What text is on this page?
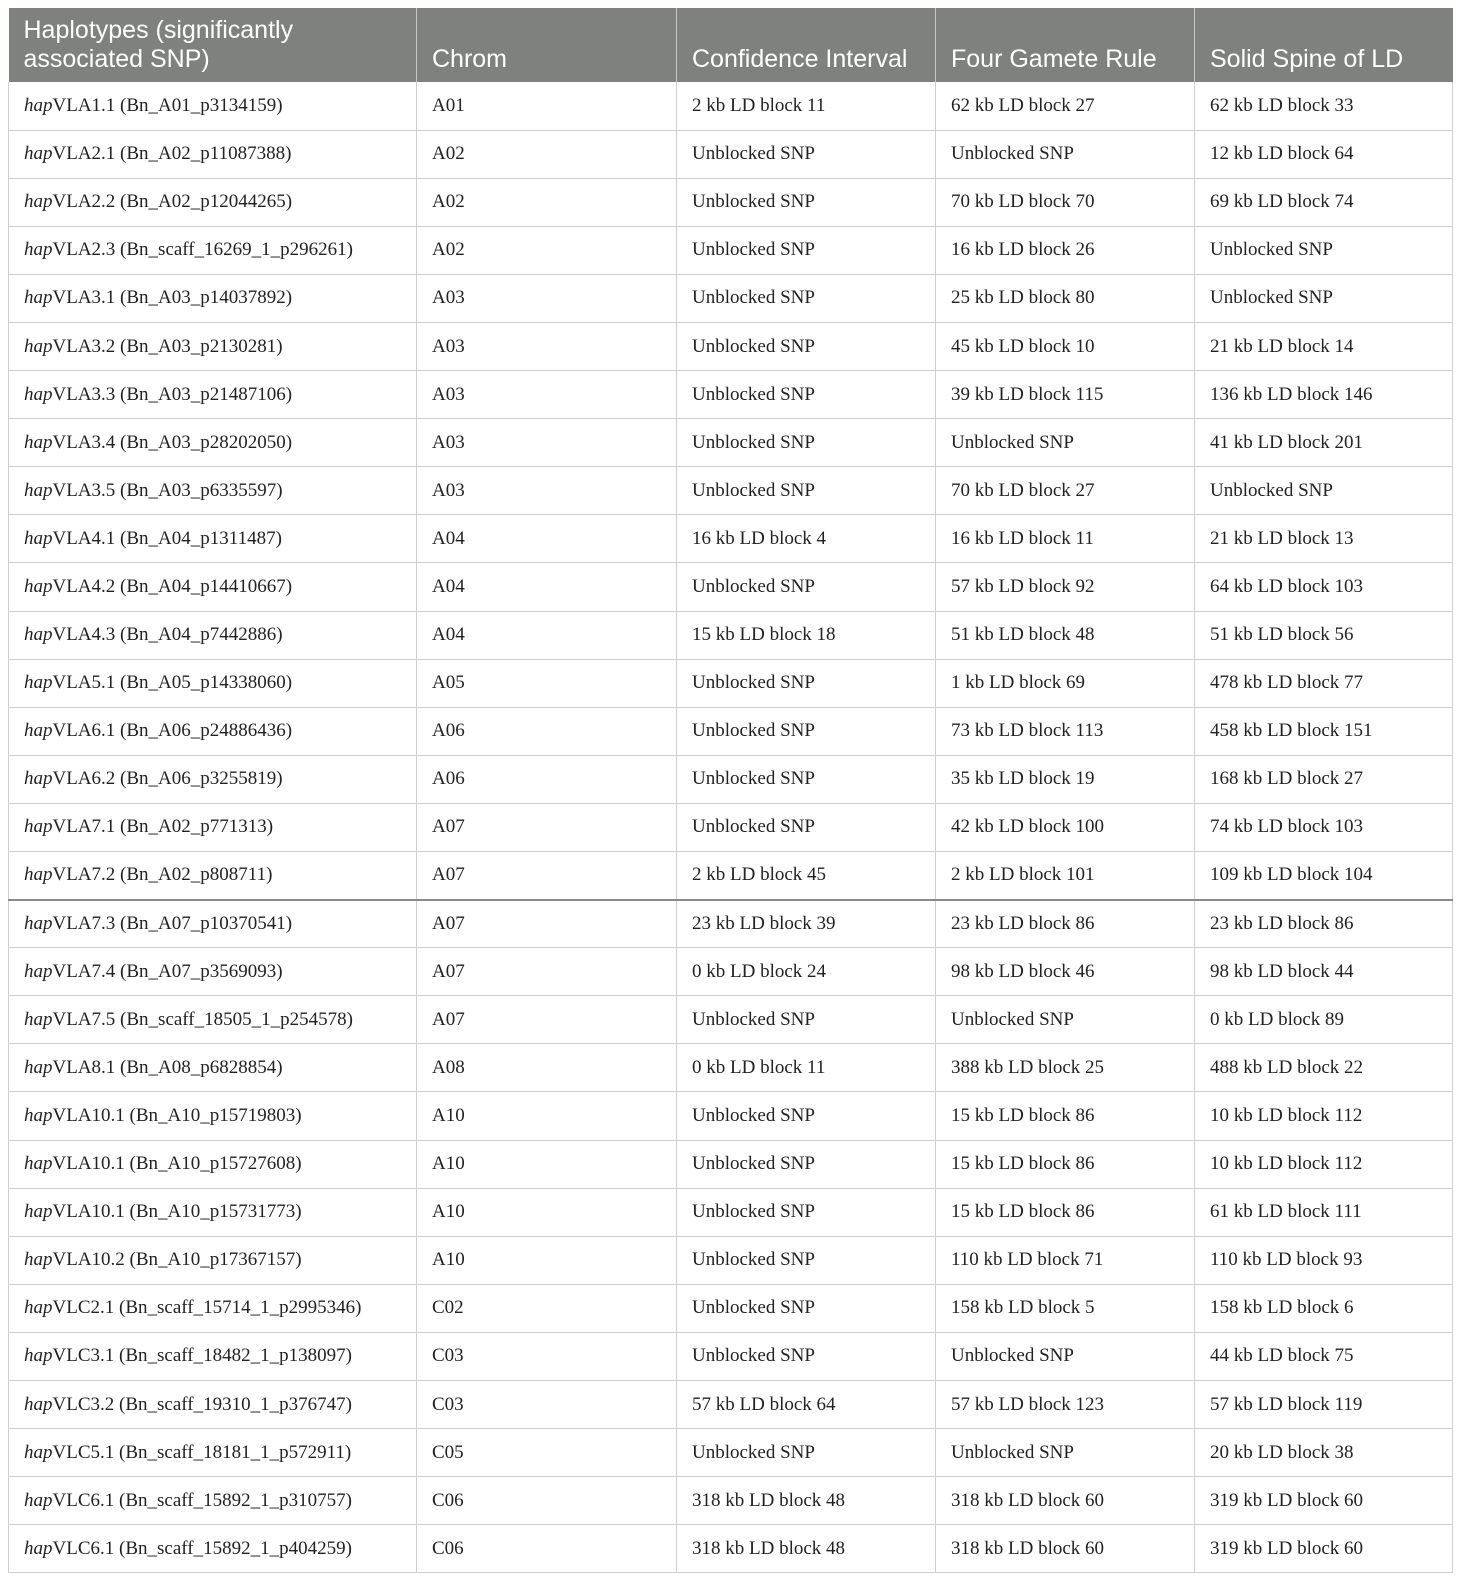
Haplotypes (significantly associated SNP)	Chrom	Confidence Interval	Four Gamete Rule	Solid Spine of LD
hapVLA1.1 (Bn_A01_p3134159)	A01	2 kb LD block 11	62 kb LD block 27	62 kb LD block 33
hapVLA2.1 (Bn_A02_p11087388)	A02	Unblocked SNP	Unblocked SNP	12 kb LD block 64
hapVLA2.2 (Bn_A02_p12044265)	A02	Unblocked SNP	70 kb LD block 70	69 kb LD block 74
hapVLA2.3 (Bn_scaff_16269_1_p296261)	A02	Unblocked SNP	16 kb LD block 26	Unblocked SNP
hapVLA3.1 (Bn_A03_p14037892)	A03	Unblocked SNP	25 kb LD block 80	Unblocked SNP
hapVLA3.2 (Bn_A03_p2130281)	A03	Unblocked SNP	45 kb LD block 10	21 kb LD block 14
hapVLA3.3 (Bn_A03_p21487106)	A03	Unblocked SNP	39 kb LD block 115	136 kb LD block 146
hapVLA3.4 (Bn_A03_p28202050)	A03	Unblocked SNP	Unblocked SNP	41 kb LD block 201
hapVLA3.5 (Bn_A03_p6335597)	A03	Unblocked SNP	70 kb LD block 27	Unblocked SNP
hapVLA4.1 (Bn_A04_p1311487)	A04	16 kb LD block 4	16 kb LD block 11	21 kb LD block 13
hapVLA4.2 (Bn_A04_p14410667)	A04	Unblocked SNP	57 kb LD block 92	64 kb LD block 103
hapVLA4.3 (Bn_A04_p7442886)	A04	15 kb LD block 18	51 kb LD block 48	51 kb LD block 56
hapVLA5.1 (Bn_A05_p14338060)	A05	Unblocked SNP	1 kb LD block 69	478 kb LD block 77
hapVLA6.1 (Bn_A06_p24886436)	A06	Unblocked SNP	73 kb LD block 113	458 kb LD block 151
hapVLA6.2 (Bn_A06_p3255819)	A06	Unblocked SNP	35 kb LD block 19	168 kb LD block 27
hapVLA7.1 (Bn_A02_p771313)	A07	Unblocked SNP	42 kb LD block 100	74 kb LD block 103
hapVLA7.2 (Bn_A02_p808711)	A07	2 kb LD block 45	2 kb LD block 101	109 kb LD block 104
hapVLA7.3 (Bn_A07_p10370541)	A07	23 kb LD block 39	23 kb LD block 86	23 kb LD block 86
hapVLA7.4 (Bn_A07_p3569093)	A07	0 kb LD block 24	98 kb LD block 46	98 kb LD block 44
hapVLA7.5 (Bn_scaff_18505_1_p254578)	A07	Unblocked SNP	Unblocked SNP	0 kb LD block 89
hapVLA8.1 (Bn_A08_p6828854)	A08	0 kb LD block 11	388 kb LD block 25	488 kb LD block 22
hapVLA10.1 (Bn_A10_p15719803)	A10	Unblocked SNP	15 kb LD block 86	10 kb LD block 112
hapVLA10.1 (Bn_A10_p15727608)	A10	Unblocked SNP	15 kb LD block 86	10 kb LD block 112
hapVLA10.1 (Bn_A10_p15731773)	A10	Unblocked SNP	15 kb LD block 86	61 kb LD block 111
hapVLA10.2 (Bn_A10_p17367157)	A10	Unblocked SNP	110 kb LD block 71	110 kb LD block 93
hapVLC2.1 (Bn_scaff_15714_1_p2995346)	C02	Unblocked SNP	158 kb LD block 5	158 kb LD block 6
hapVLC3.1 (Bn_scaff_18482_1_p138097)	C03	Unblocked SNP	Unblocked SNP	44 kb LD block 75
hapVLC3.2 (Bn_scaff_19310_1_p376747)	C03	57 kb LD block 64	57 kb LD block 123	57 kb LD block 119
hapVLC5.1 (Bn_scaff_18181_1_p572911)	C05	Unblocked SNP	Unblocked SNP	20 kb LD block 38
hapVLC6.1 (Bn_scaff_15892_1_p310757)	C06	318 kb LD block 48	318 kb LD block 60	319 kb LD block 60
hapVLC6.1 (Bn_scaff_15892_1_p404259)	C06	318 kb LD block 48	318 kb LD block 60	319 kb LD block 60
